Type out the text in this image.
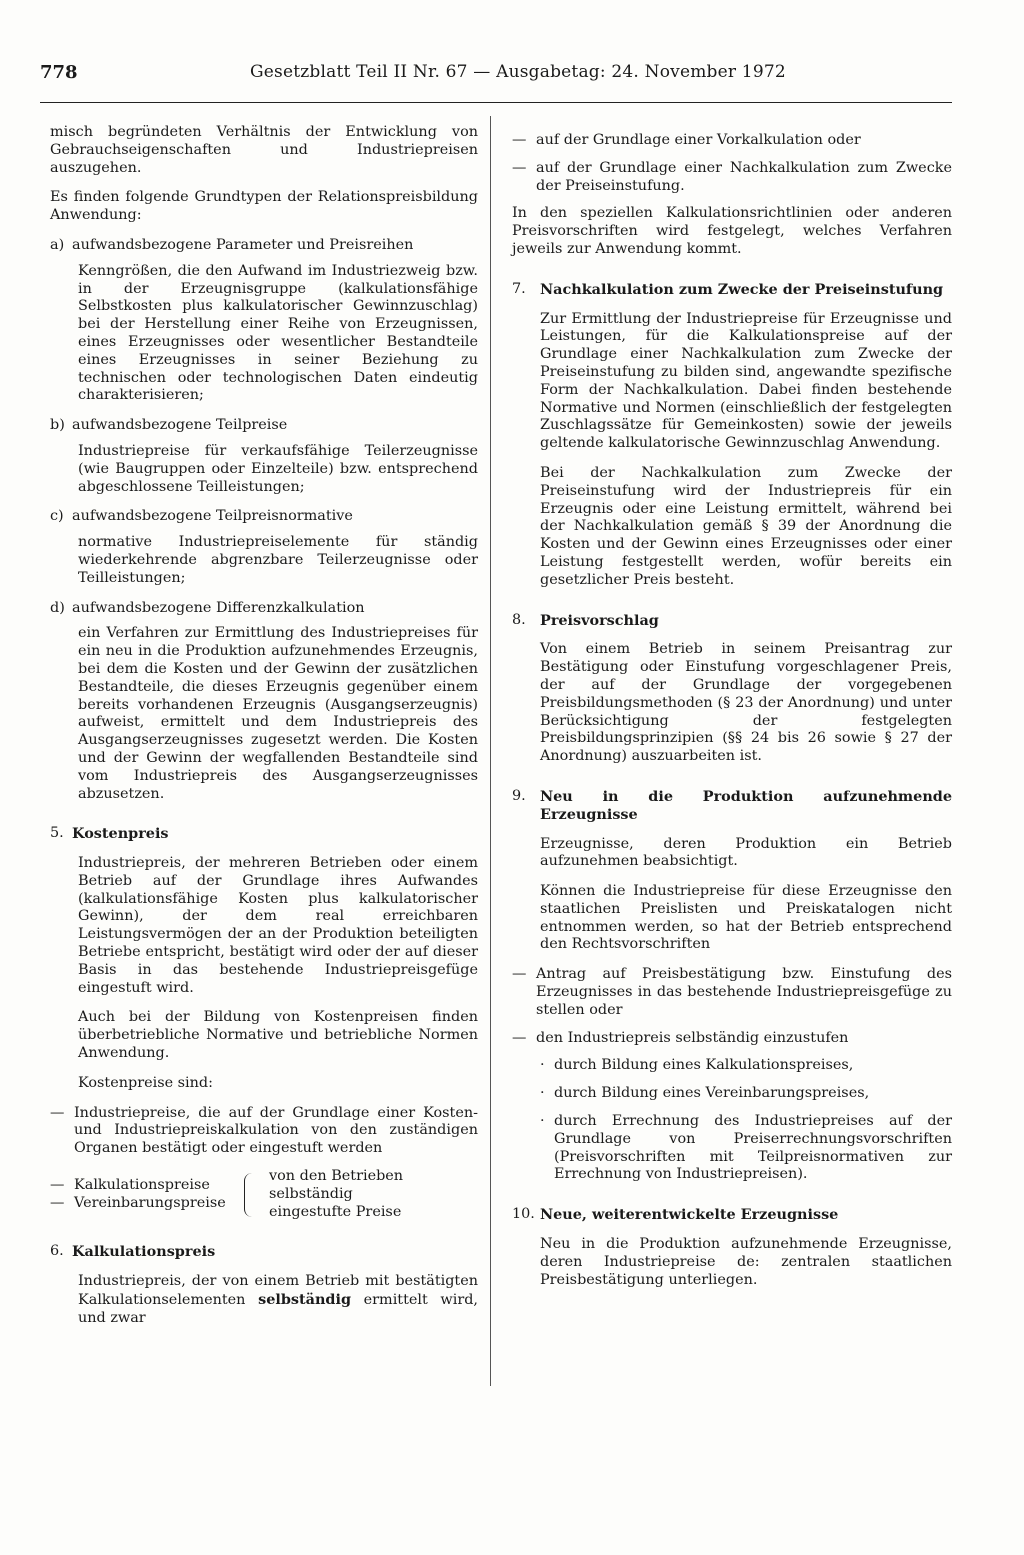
778	Gesetzblatt Teil II Nr. 67 — Ausgabetag: 24. November 1972

misch begründeten Verhältnis der Entwicklung von Gebrauchseigenschaften und Industriepreisen auszugehen.

Es finden folgende Grundtypen der Relationspreisbildung Anwendung:

a) aufwandsbezogene Parameter und Preisreihen

Kenngrößen, die den Aufwand im Industriezweig bzw. in der Erzeugnisgruppe (kalkulationsfähige Selbstkosten plus kalkulatorischer Gewinnzuschlag) bei der Herstellung einer Reihe von Erzeugnissen, eines Erzeugnisses oder wesentlicher Bestandteile eines Erzeugnisses in seiner Beziehung zu technischen oder technologischen Daten eindeutig charakterisieren;

b) aufwandsbezogene Teilpreise

Industriepreise für verkaufsfähige Teilerzeugnisse (wie Baugruppen oder Einzelteile) bzw. entsprechend abgeschlossene Teilleistungen;

c) aufwandsbezogene Teilpreisnormative

normative Industriepreiselemente für ständig wiederkehrende abgrenzbare Teilerzeugnisse oder Teilleistungen;

d) aufwandsbezogene Differenzkalkulation

ein Verfahren zur Ermittlung des Industriepreises für ein neu in die Produktion aufzunehmendes Erzeugnis, bei dem die Kosten und der Gewinn der zusätzlichen Bestandteile, die dieses Erzeugnis gegenüber einem bereits vorhandenen Erzeugnis (Ausgangserzeugnis) aufweist, ermittelt und dem Industriepreis des Ausgangserzeugnisses zugesetzt werden. Die Kosten und der Gewinn der wegfallenden Bestandteile sind vom Industriepreis des Ausgangserzeugnisses abzusetzen.

5. Kostenpreis

Industriepreis, der mehreren Betrieben oder einem Betrieb auf der Grundlage ihres Aufwandes (kalkulationsfähige Kosten plus kalkulatorischer Gewinn), der dem real erreichbaren Leistungsvermögen der an der Produktion beteiligten Betriebe entspricht, bestätigt wird oder der auf dieser Basis in das bestehende Industriepreisgefüge eingestuft wird.

Auch bei der Bildung von Kostenpreisen finden überbetriebliche Normative und betriebliche Normen Anwendung.

Kostenpreise sind:

— Industriepreise, die auf der Grundlage einer Kosten- und Industriepreiskalkulation von den zuständigen Organen bestätigt oder eingestuft werden
— Kalkulationspreise
— Vereinbarungspreise
von den Betrieben selbständig eingestufte Preise
6. Kalkulationspreis

Industriepreis, der von einem Betrieb mit bestätigten Kalkulationselementen selbständig ermittelt wird, und zwar

— auf der Grundlage einer Vorkalkulation oder
— auf der Grundlage einer Nachkalkulation zum Zwecke der Preiseinstufung.

In den speziellen Kalkulationsrichtlinien oder anderen Preisvorschriften wird festgelegt, welches Verfahren jeweils zur Anwendung kommt.

7. Nachkalkulation zum Zwecke der Preiseinstufung

Zur Ermittlung der Industriepreise für Erzeugnisse und Leistungen, für die Kalkulationspreise auf der Grundlage einer Nachkalkulation zum Zwecke der Preiseinstufung zu bilden sind, angewandte spezifische Form der Nachkalkulation. Dabei finden bestehende Normative und Normen (einschließlich der festgelegten Zuschlagssätze für Gemeinkosten) sowie der jeweils geltende kalkulatorische Gewinnzuschlag Anwendung.

Bei der Nachkalkulation zum Zwecke der Preiseinstufung wird der Industriepreis für ein Erzeugnis oder eine Leistung ermittelt, während bei der Nachkalkulation gemäß § 39 der Anordnung die Kosten und der Gewinn eines Erzeugnisses oder einer Leistung festgestellt werden, wofür bereits ein gesetzlicher Preis besteht.

8. Preisvorschlag

Von einem Betrieb in seinem Preisantrag zur Bestätigung oder Einstufung vorgeschlagener Preis, der auf der Grundlage der vorgegebenen Preisbildungsmethoden (§ 23 der Anordnung) und unter Berücksichtigung der festgelegten Preisbildungsprinzipien (§§ 24 bis 26 sowie § 27 der Anordnung) auszuarbeiten ist.

9. Neu in die Produktion aufzunehmende Erzeugnisse

Erzeugnisse, deren Produktion ein Betrieb aufzunehmen beabsichtigt.

Können die Industriepreise für diese Erzeugnisse den staatlichen Preislisten und Preiskatalogen nicht entnommen werden, so hat der Betrieb entsprechend den Rechtsvorschriften

— Antrag auf Preisbestätigung bzw. Einstufung des Erzeugnisses in das bestehende Industriepreisgefüge zu stellen oder
— den Industriepreis selbständig einzustufen
· durch Bildung eines Kalkulationspreises,
· durch Bildung eines Vereinbarungspreises,
· durch Errechnung des Industriepreises auf der Grundlage von Preiserrechnungsvorschriften (Preisvorschriften mit Teilpreisnormativen zur Errechnung von Industriepreisen).
10. Neue, weiterentwickelte Erzeugnisse

Neu in die Produktion aufzunehmende Erzeugnisse, deren Industriepreise de: zentralen staatlichen Preisbestätigung unterliegen.
